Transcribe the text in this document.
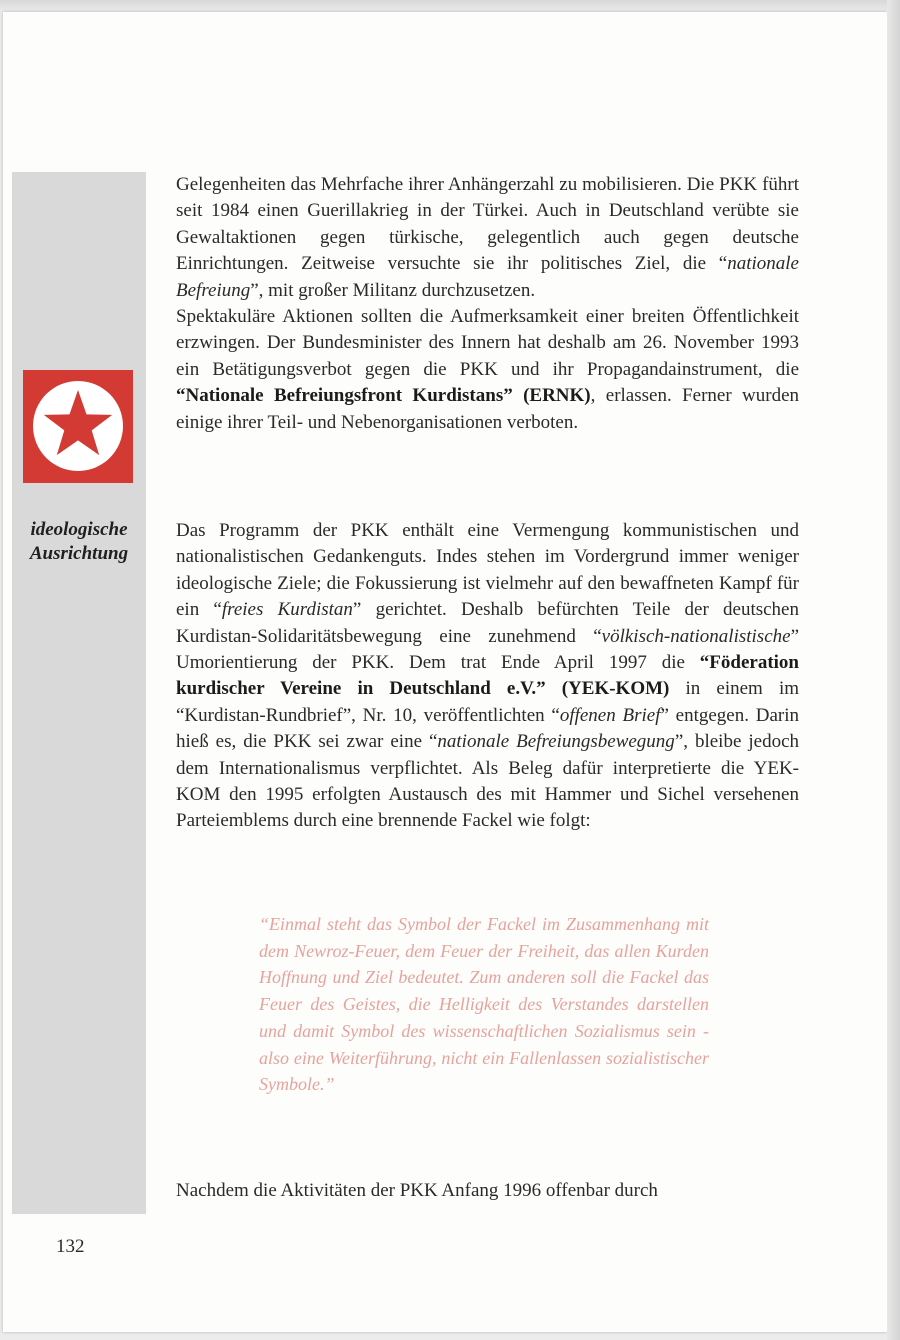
ideologische
Ausrichtung
Gelegenheiten das Mehrfache ihrer Anhängerzahl zu mobilisieren. Die PKK führt seit 1984 einen Guerillakrieg in der Türkei. Auch in Deutschland verübte sie Gewaltaktionen gegen türkische, gelegentlich auch gegen deutsche Einrichtungen. Zeitweise versuchte sie ihr politisches Ziel, die “nationale Befreiung”, mit großer Militanz durchzusetzen.
Spektakuläre Aktionen sollten die Aufmerksamkeit einer breiten Öffentlichkeit erzwingen. Der Bundesminister des Innern hat deshalb am 26. November 1993 ein Betätigungsverbot gegen die PKK und ihr Propagandainstrument, die “Nationale Befreiungsfront Kurdistans” (ERNK), erlassen. Ferner wurden einige ihrer Teil- und Nebenorganisationen verboten.
Das Programm der PKK enthält eine Vermengung kommunistischen und nationalistischen Gedankenguts. Indes stehen im Vordergrund immer weniger ideologische Ziele; die Fokussierung ist vielmehr auf den bewaffneten Kampf für ein “freies Kurdistan” gerichtet. Deshalb befürchten Teile der deutschen Kurdistan-Solidaritätsbewegung eine zunehmend “völkisch-nationalistische” Umorientierung der PKK. Dem trat Ende April 1997 die “Föderation kurdischer Vereine in Deutschland e.V.” (YEK-KOM) in einem im “Kurdistan-Rundbrief”, Nr. 10, veröffentlichten “offenen Brief” entgegen. Darin hieß es, die PKK sei zwar eine “nationale Befreiungsbewegung”, bleibe jedoch dem Internationalismus verpflichtet. Als Beleg dafür interpretierte die YEK-KOM den 1995 erfolgten Austausch des mit Hammer und Sichel versehenen Parteiemblems durch eine brennende Fackel wie folgt:
“Einmal steht das Symbol der Fackel im Zusammenhang mit dem Newroz-Feuer, dem Feuer der Freiheit, das allen Kurden Hoffnung und Ziel bedeutet. Zum anderen soll die Fackel das Feuer des Geistes, die Helligkeit des Verstandes darstellen und damit Symbol des wissenschaftlichen Sozialismus sein - also eine Weiterführung, nicht ein Fallenlassen sozialistischer Symbole.”
Nachdem die Aktivitäten der PKK Anfang 1996 offenbar durch
132
